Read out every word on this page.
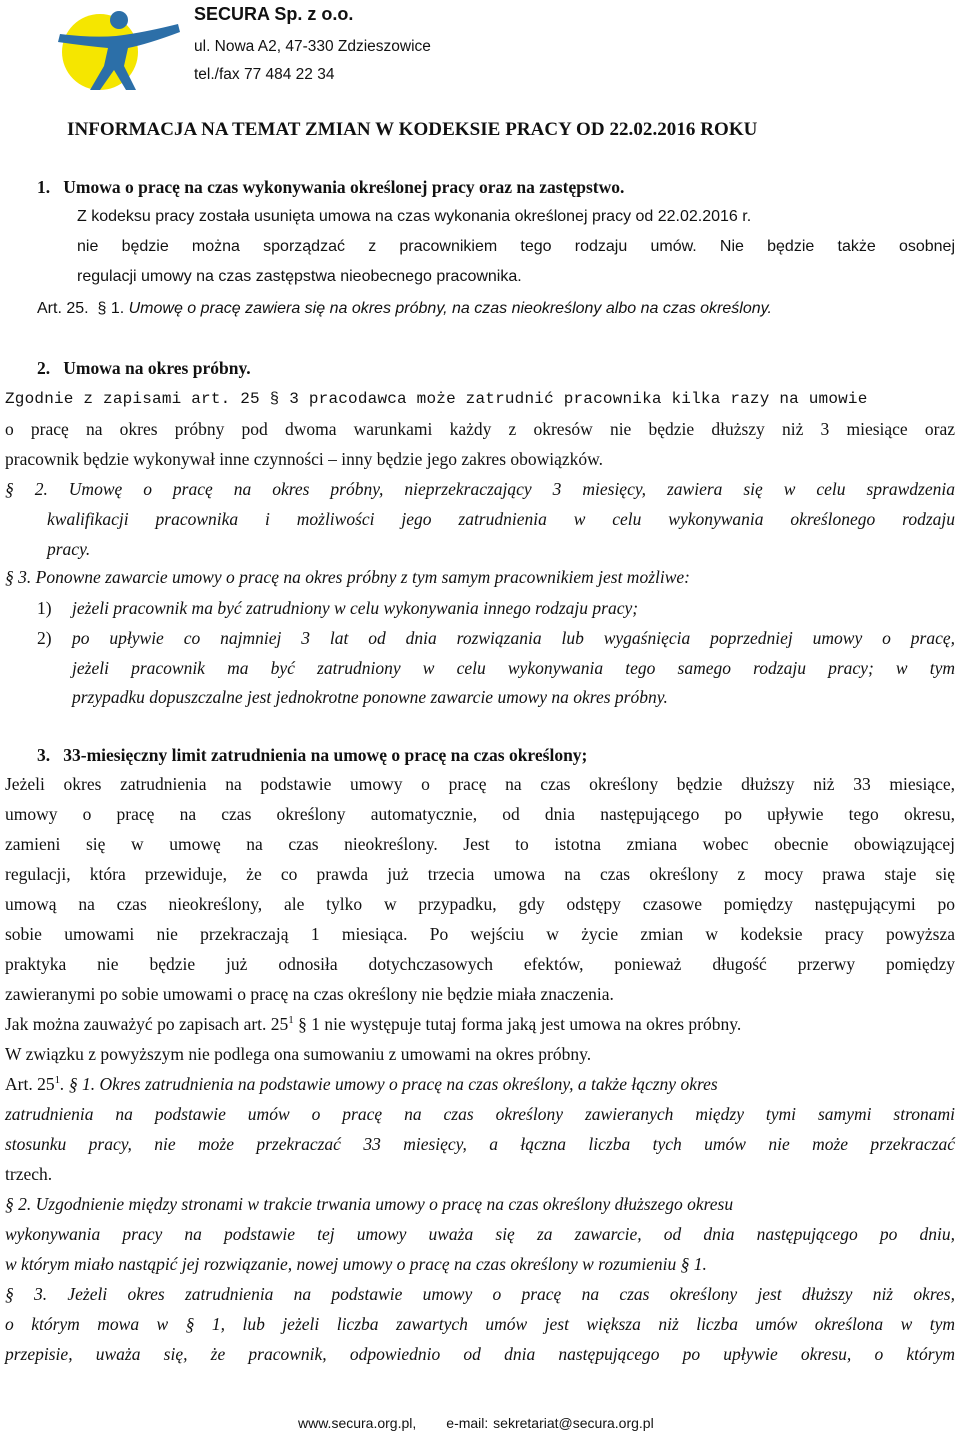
SECURA Sp. z o.o.
ul. Nowa A2, 47-330 Zdzieszowice
tel./fax 77 484 22 34
INFORMACJA NA TEMAT ZMIAN W KODEKSIE PRACY OD 22.02.2016 ROKU
1.   Umowa o pracę na czas wykonywania określonej pracy oraz na zastępstwo.
Z kodeksu pracy została usunięta umowa na czas wykonania określonej pracy od 22.02.2016 r.
nie będzie można sporządzać z pracownikiem tego rodzaju umów. Nie będzie także osobnej
regulacji umowy na czas zastępstwa nieobecnego pracownika.
Art. 25.  § 1. Umowę o pracę zawiera się na okres próbny, na czas nieokreślony albo na czas określony.
2.   Umowa na okres próbny.
Zgodnie z zapisami art. 25 § 3 pracodawca może zatrudnić pracownika kilka razy na umowie
o pracę na okres próbny pod dwoma warunkami każdy z okresów nie będzie dłuższy niż 3 miesiące oraz
pracownik będzie wykonywał inne czynności – inny będzie jego zakres obowiązków.
§ 2. Umowę o pracę na okres próbny, nieprzekraczający 3 miesięcy, zawiera się w celu sprawdzenia
kwalifikacji pracownika i możliwości jego zatrudnienia w celu wykonywania określonego rodzaju
pracy.
§ 3. Ponowne zawarcie umowy o pracę na okres próbny z tym samym pracownikiem jest możliwe:
1) jeżeli pracownik ma być zatrudniony w celu wykonywania innego rodzaju pracy;
2) po upływie co najmniej 3 lat od dnia rozwiązania lub wygaśnięcia poprzedniej umowy o pracę,
jeżeli pracownik ma być zatrudniony w celu wykonywania tego samego rodzaju pracy; w tym
przypadku dopuszczalne jest jednokrotne ponowne zawarcie umowy na okres próbny.
3.   33-miesięczny limit zatrudnienia na umowę o pracę na czas określony;
Jeżeli okres zatrudnienia na podstawie umowy o pracę na czas określony będzie dłuższy niż 33 miesiące,
umowy o pracę na czas określony automatycznie, od dnia następującego po upływie tego okresu,
zamieni się w umowę na czas nieokreślony. Jest to istotna zmiana wobec obecnie obowiązującej
regulacji, która przewiduje, że co prawda już trzecia umowa na czas określony z mocy prawa staje się
umową na czas nieokreślony, ale tylko w przypadku, gdy odstępy czasowe pomiędzy następującymi po
sobie umowami nie przekraczają 1 miesiąca. Po wejściu w życie zmian w kodeksie pracy powyższa
praktyka nie będzie już odnosiła dotychczasowych efektów, ponieważ długość przerwy pomiędzy
zawieranymi po sobie umowami o pracę na czas określony nie będzie miała znaczenia.
Jak można zauważyć po zapisach art. $25^1$ § 1 nie występuje tutaj forma jaką jest umowa na okres próbny.
W związku z powyższym nie podlega ona sumowaniu z umowami na okres próbny.
Art. $25^1$. § 1. Okres zatrudnienia na podstawie umowy o pracę na czas określony, a także łączny okres
zatrudnienia na podstawie umów o pracę na czas określony zawieranych między tymi samymi stronami
stosunku pracy, nie może przekraczać 33 miesięcy, a łączna liczba tych umów nie może przekraczać
trzech.
§ 2. Uzgodnienie między stronami w trakcie trwania umowy o pracę na czas określony dłuższego okresu
wykonywania pracy na podstawie tej umowy uważa się za zawarcie, od dnia następującego po dniu,
w którym miało nastąpić jej rozwiązanie, nowej umowy o pracę na czas określony w rozumieniu § 1.
§ 3. Jeżeli okres zatrudnienia na podstawie umowy o pracę na czas określony jest dłuższy niż okres,
o którym mowa w § 1, lub jeżeli liczba zawartych umów jest większa niż liczba umów określona w tym
przepisie, uważa się, że pracownik, odpowiednio od dnia następującego po upływie okresu, o którym
www.secura.org.pl, e-mail: sekretariat@secura.org.pl
